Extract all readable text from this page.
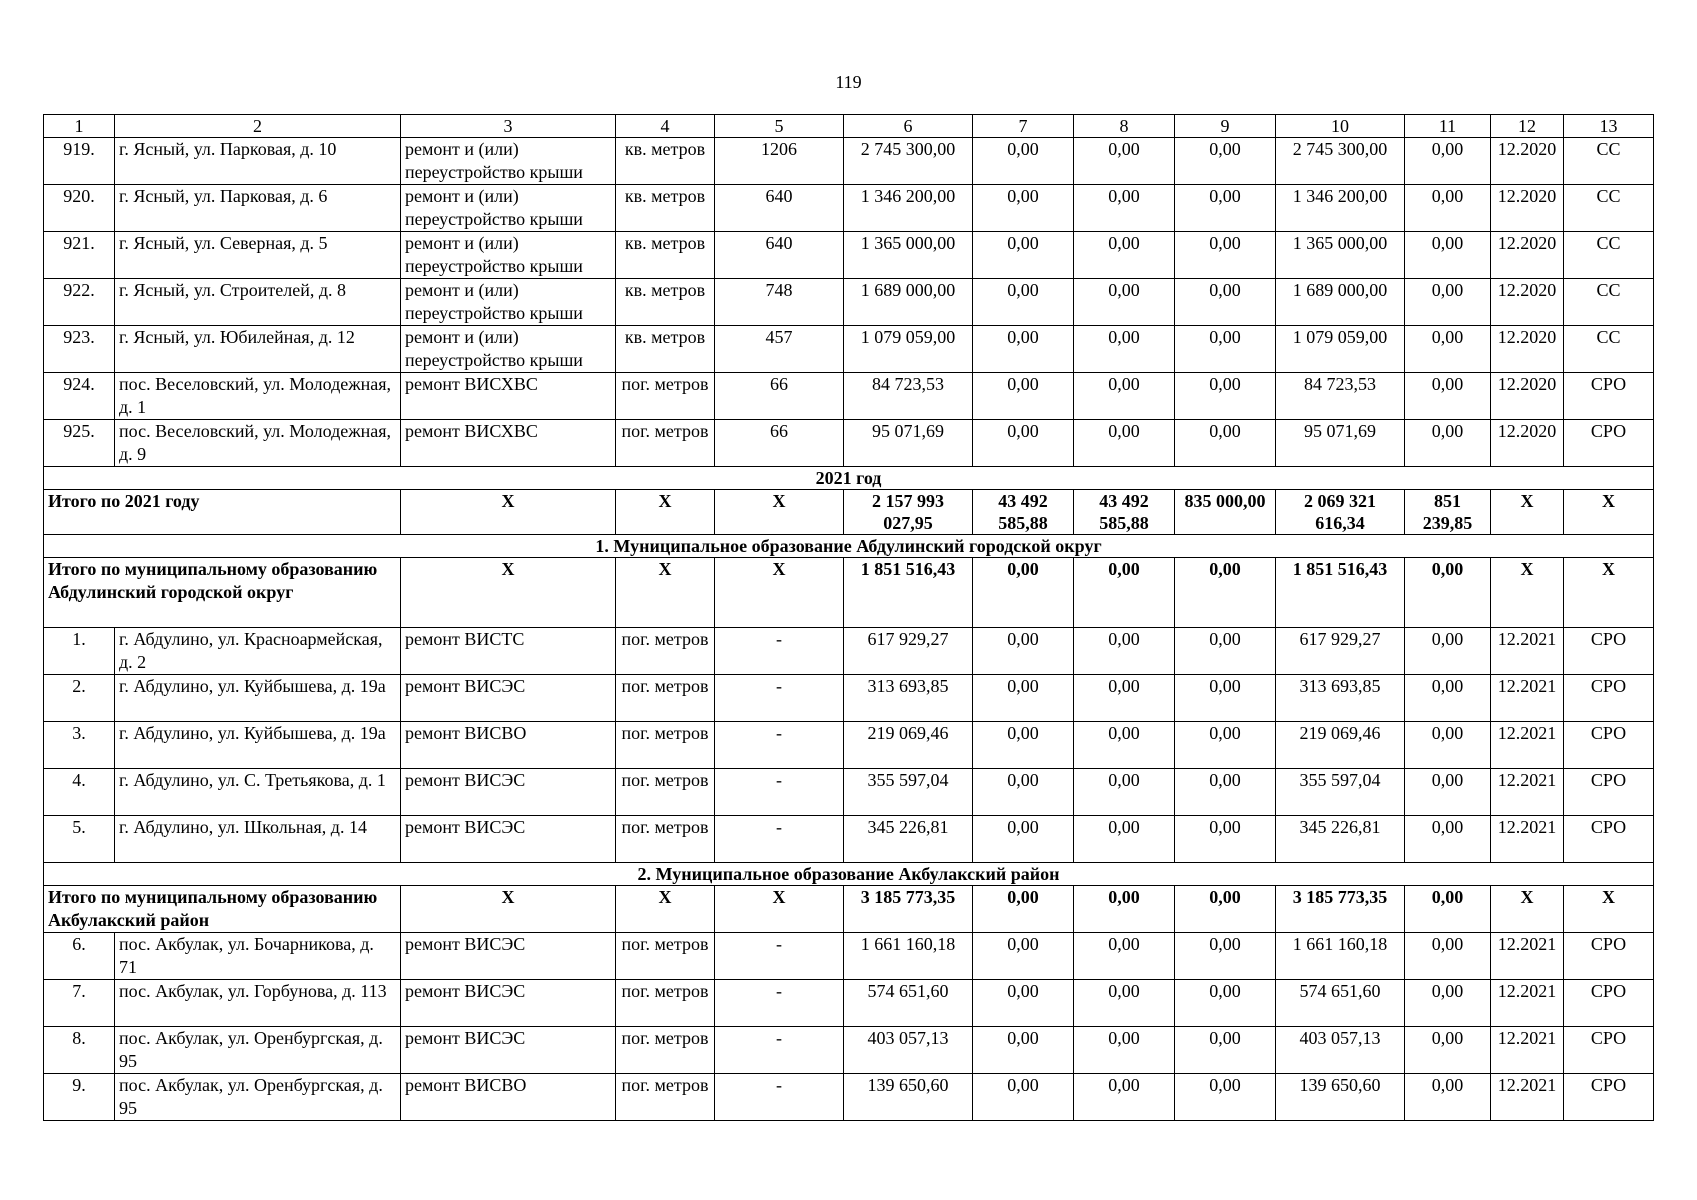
119
1	2	3	4	5	6	7	8	9	10	11	12	13
919.	г. Ясный, ул. Парковая, д. 10	ремонт и (или) переустройство крыши	кв. метров	1206	2 745 300,00	0,00	0,00	0,00	2 745 300,00	0,00	12.2020	СС
920.	г. Ясный, ул. Парковая, д. 6	ремонт и (или) переустройство крыши	кв. метров	640	1 346 200,00	0,00	0,00	0,00	1 346 200,00	0,00	12.2020	СС
921.	г. Ясный, ул. Северная, д. 5	ремонт и (или) переустройство крыши	кв. метров	640	1 365 000,00	0,00	0,00	0,00	1 365 000,00	0,00	12.2020	СС
922.	г. Ясный, ул. Строителей, д. 8	ремонт и (или) переустройство крыши	кв. метров	748	1 689 000,00	0,00	0,00	0,00	1 689 000,00	0,00	12.2020	СС
923.	г. Ясный, ул. Юбилейная, д. 12	ремонт и (или) переустройство крыши	кв. метров	457	1 079 059,00	0,00	0,00	0,00	1 079 059,00	0,00	12.2020	СС
924.	пос. Веселовский, ул. Молодежная, д. 1	ремонт ВИСХВС	пог. метров	66	84 723,53	0,00	0,00	0,00	84 723,53	0,00	12.2020	СРО
925.	пос. Веселовский, ул. Молодежная, д. 9	ремонт ВИСХВС	пог. метров	66	95 071,69	0,00	0,00	0,00	95 071,69	0,00	12.2020	СРО
2021 год												
Итого по 2021 году		Х	Х	Х	2 157 993 027,95	43 492 585,88	43 492 585,88	835 000,00	2 069 321 616,34	851 239,85	Х	Х
1. Муниципальное образование Абдулинский городской округ												
Итого по муниципальному образованию Абдулинский городской округ		Х	Х	Х	1 851 516,43	0,00	0,00	0,00	1 851 516,43	0,00	Х	Х
1.	г. Абдулино, ул. Красноармейская, д. 2	ремонт ВИСТС	пог. метров	-	617 929,27	0,00	0,00	0,00	617 929,27	0,00	12.2021	СРО
2.	г. Абдулино, ул. Куйбышева, д. 19а	ремонт ВИСЭС	пог. метров	-	313 693,85	0,00	0,00	0,00	313 693,85	0,00	12.2021	СРО
3.	г. Абдулино, ул. Куйбышева, д. 19а	ремонт ВИСВО	пог. метров	-	219 069,46	0,00	0,00	0,00	219 069,46	0,00	12.2021	СРО
4.	г. Абдулино, ул. С. Третьякова, д. 1	ремонт ВИСЭС	пог. метров	-	355 597,04	0,00	0,00	0,00	355 597,04	0,00	12.2021	СРО
5.	г. Абдулино, ул. Школьная, д. 14	ремонт ВИСЭС	пог. метров	-	345 226,81	0,00	0,00	0,00	345 226,81	0,00	12.2021	СРО
2. Муниципальное образование Акбулакский район												
Итого по муниципальному образованию Акбулакский район		Х	Х	Х	3 185 773,35	0,00	0,00	0,00	3 185 773,35	0,00	Х	Х
6.	пос. Акбулак, ул. Бочарникова, д. 71	ремонт ВИСЭС	пог. метров	-	1 661 160,18	0,00	0,00	0,00	1 661 160,18	0,00	12.2021	СРО
7.	пос. Акбулак, ул. Горбунова, д. 113	ремонт ВИСЭС	пог. метров	-	574 651,60	0,00	0,00	0,00	574 651,60	0,00	12.2021	СРО
8.	пос. Акбулак, ул. Оренбургская, д. 95	ремонт ВИСЭС	пог. метров	-	403 057,13	0,00	0,00	0,00	403 057,13	0,00	12.2021	СРО
9.	пос. Акбулак, ул. Оренбургская, д. 95	ремонт ВИСВО	пог. метров	-	139 650,60	0,00	0,00	0,00	139 650,60	0,00	12.2021	СРО
